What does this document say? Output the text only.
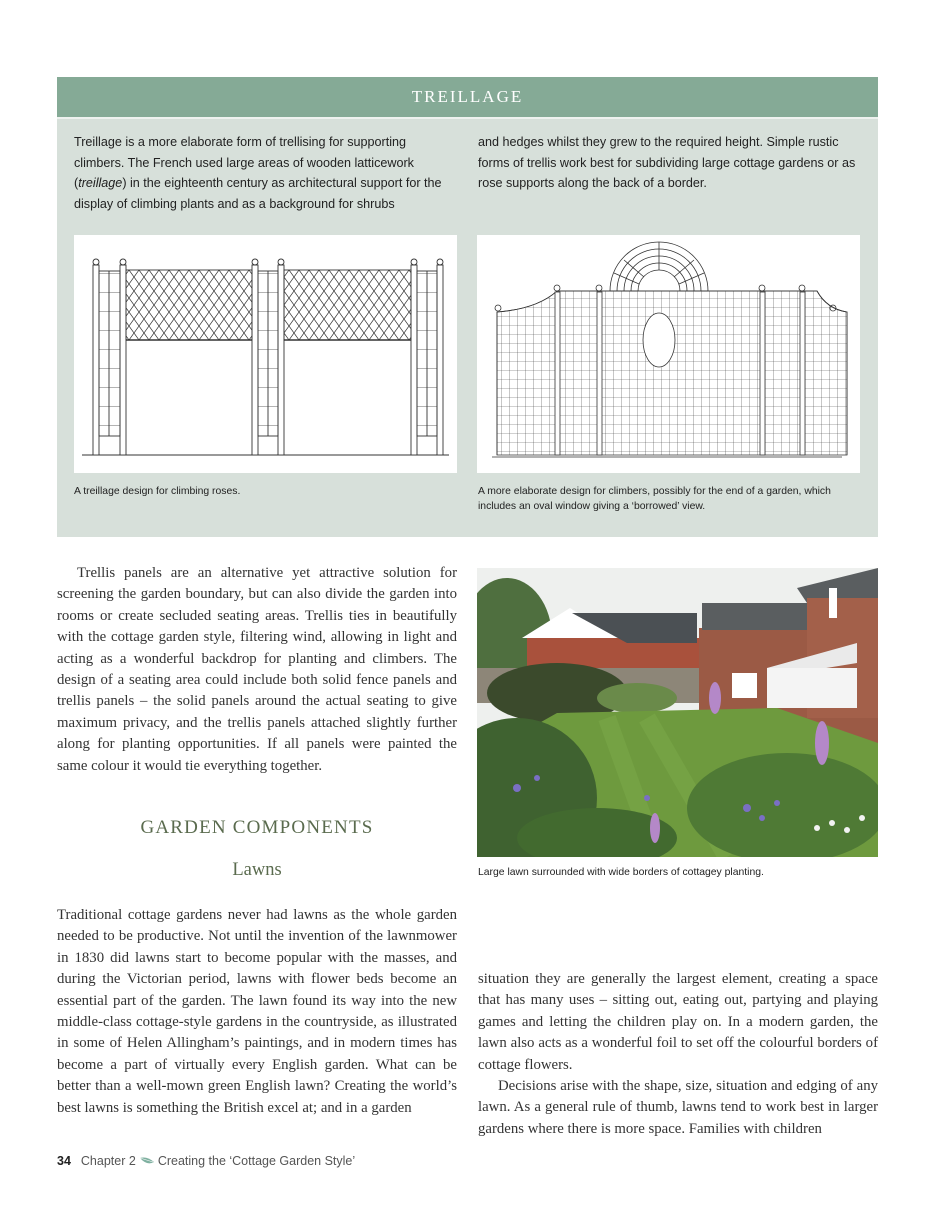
TREILLAGE
Treillage is a more elaborate form of trellising for supporting climbers. The French used large areas of wooden latticework (treillage) in the eighteenth century as architectural support for the display of climbing plants and as a background for shrubs
and hedges whilst they grew to the required height. Simple rustic forms of trellis work best for subdividing large cottage gardens or as rose supports along the back of a border.
A treillage design for climbing roses.	A more elaborate design for climbers, possibly for the end of a garden, which includes an oval window giving a ‘borrowed’ view.
Trellis panels are an alternative yet attractive solution for screening the garden boundary, but can also divide the garden into rooms or create secluded seating areas. Trellis ties in beautifully with the cottage garden style, filtering wind, allowing in light and acting as a wonderful backdrop for planting and climbers. The design of a seating area could include both solid fence panels and trellis panels – the solid panels around the actual seating to give maximum privacy, and the trellis panels attached slightly further along for planting opportunities. If all panels were painted the same colour it would tie everything together.
GARDEN COMPONENTS
Lawns	Large lawn surrounded with wide borders of cottagey planting.
Traditional cottage gardens never had lawns as the whole garden needed to be productive. Not until the invention of the lawnmower in 1830 did lawns start to become popular with the masses, and during the Victorian period, lawns with flower beds become an essential part of the garden. The lawn found its way into the new middle-class cottage-style gardens in the countryside, as illustrated in some of Helen Allingham’s paintings, and in modern times has become a part of virtually every English garden. What can be better than a well-mown green English lawn? Creating the world’s best lawns is something the British excel at; and in a garden
situation they are generally the largest element, creating a space that has many uses – sitting out, eating out, partying and playing games and letting the children play on. In a modern garden, the lawn also acts as a wonderful foil to set off the colourful borders of cottage flowers.
Decisions arise with the shape, size, situation and edging of any lawn. As a general rule of thumb, lawns tend to work best in larger gardens where there is more space. Families with children
34 Chapter 2 Creating the ‘Cottage Garden Style’
